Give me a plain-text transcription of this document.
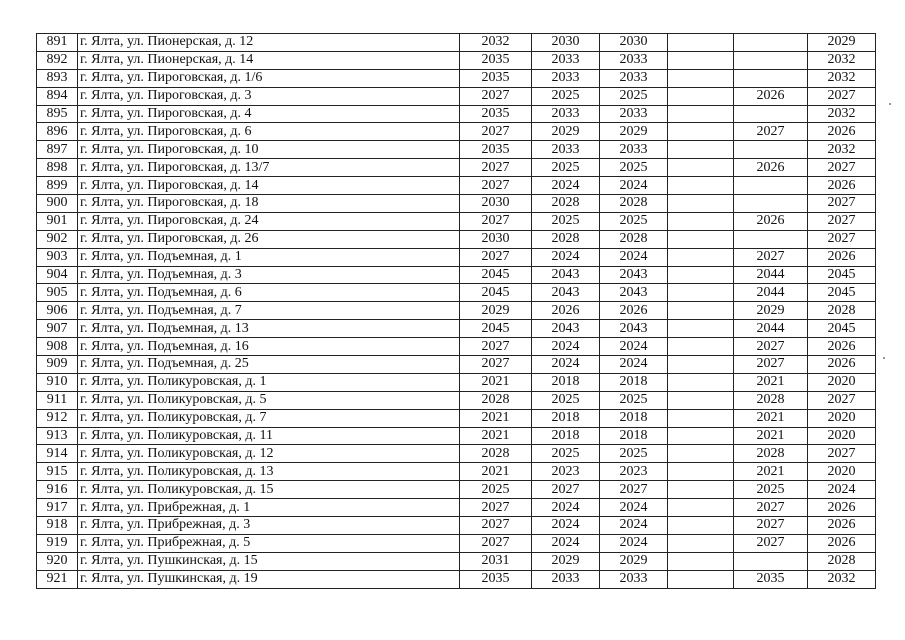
891	г. Ялта, ул. Пионерская, д. 12	2032	2030	2030			2029
892	г. Ялта, ул. Пионерская, д. 14	2035	2033	2033			2032
893	г. Ялта, ул. Пироговская, д. 1/6	2035	2033	2033			2032
894	г. Ялта, ул. Пироговская, д. 3	2027	2025	2025		2026	2027
895	г. Ялта, ул. Пироговская, д. 4	2035	2033	2033			2032
896	г. Ялта, ул. Пироговская, д. 6	2027	2029	2029		2027	2026
897	г. Ялта, ул. Пироговская, д. 10	2035	2033	2033			2032
898	г. Ялта, ул. Пироговская, д. 13/7	2027	2025	2025		2026	2027
899	г. Ялта, ул. Пироговская, д. 14	2027	2024	2024			2026
900	г. Ялта, ул. Пироговская, д. 18	2030	2028	2028			2027
901	г. Ялта, ул. Пироговская, д. 24	2027	2025	2025		2026	2027
902	г. Ялта, ул. Пироговская, д. 26	2030	2028	2028			2027
903	г. Ялта, ул. Подъемная, д. 1	2027	2024	2024		2027	2026
904	г. Ялта, ул. Подъемная, д. 3	2045	2043	2043		2044	2045
905	г. Ялта, ул. Подъемная, д. 6	2045	2043	2043		2044	2045
906	г. Ялта, ул. Подъемная, д. 7	2029	2026	2026		2029	2028
907	г. Ялта, ул. Подъемная, д. 13	2045	2043	2043		2044	2045
908	г. Ялта, ул. Подъемная, д. 16	2027	2024	2024		2027	2026
909	г. Ялта, ул. Подъемная, д. 25	2027	2024	2024		2027	2026
910	г. Ялта, ул. Поликуровская, д. 1	2021	2018	2018		2021	2020
911	г. Ялта, ул. Поликуровская, д. 5	2028	2025	2025		2028	2027
912	г. Ялта, ул. Поликуровская, д. 7	2021	2018	2018		2021	2020
913	г. Ялта, ул. Поликуровская, д. 11	2021	2018	2018		2021	2020
914	г. Ялта, ул. Поликуровская, д. 12	2028	2025	2025		2028	2027
915	г. Ялта, ул. Поликуровская, д. 13	2021	2023	2023		2021	2020
916	г. Ялта, ул. Поликуровская, д. 15	2025	2027	2027		2025	2024
917	г. Ялта, ул. Прибрежная, д. 1	2027	2024	2024		2027	2026
918	г. Ялта, ул. Прибрежная, д. 3	2027	2024	2024		2027	2026
919	г. Ялта, ул. Прибрежная, д. 5	2027	2024	2024		2027	2026
920	г. Ялта, ул. Пушкинская, д. 15	2031	2029	2029			2028
921	г. Ялта, ул. Пушкинская, д. 19	2035	2033	2033		2035	2032
